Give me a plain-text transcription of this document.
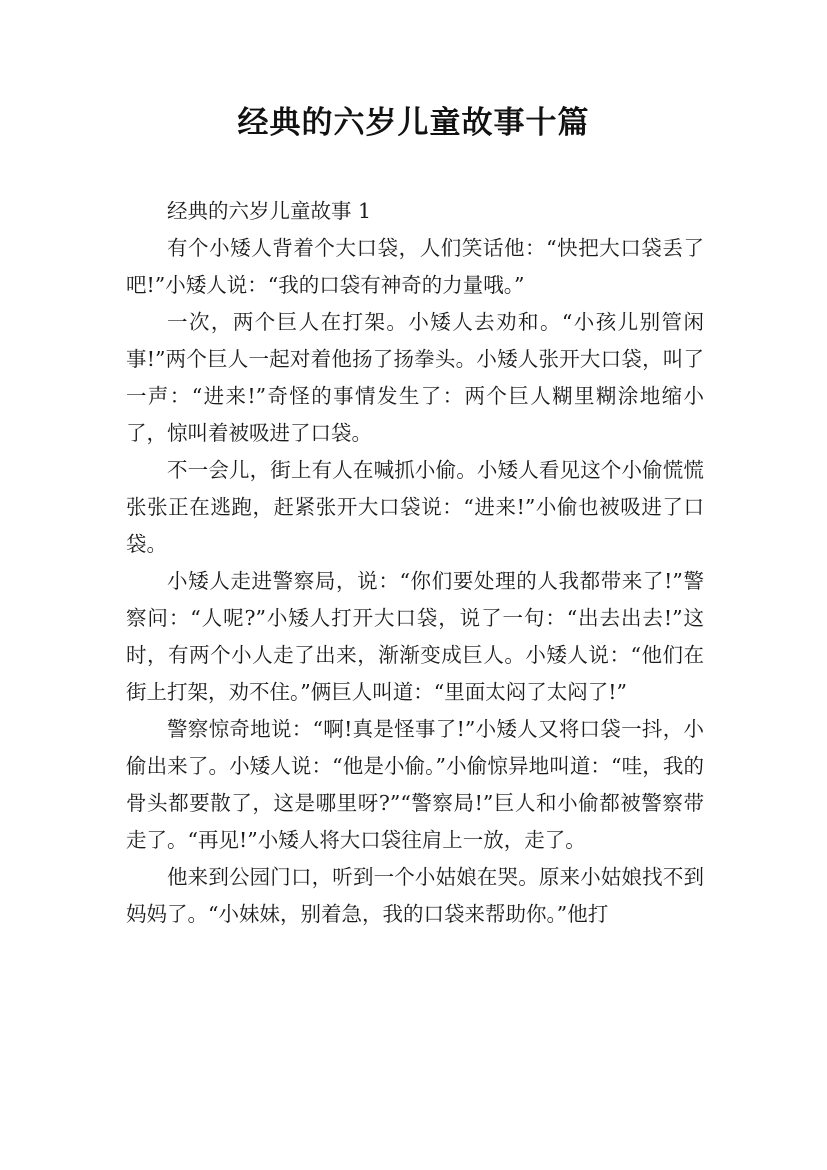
经典的六岁儿童故事十篇

经典的六岁儿童故事 1

有个小矮人背着个大口袋，人们笑话他：“快把大口袋丢了吧!”小矮人说：“我的口袋有神奇的力量哦。”

一次，两个巨人在打架。小矮人去劝和。“小孩儿别管闲事!”两个巨人一起对着他扬了扬拳头。小矮人张开大口袋，叫了一声：“进来!”奇怪的事情发生了：两个巨人糊里糊涂地缩小了，惊叫着被吸进了口袋。

不一会儿，街上有人在喊抓小偷。小矮人看见这个小偷慌慌张张正在逃跑，赶紧张开大口袋说：“进来!”小偷也被吸进了口袋。

小矮人走进警察局，说：“你们要处理的人我都带来了!”警察问：“人呢?”小矮人打开大口袋，说了一句：“出去出去!”这时，有两个小人走了出来，渐渐变成巨人。小矮人说：“他们在街上打架，劝不住。”俩巨人叫道：“里面太闷了太闷了!”

警察惊奇地说：“啊!真是怪事了!”小矮人又将口袋一抖，小偷出来了。小矮人说：“他是小偷。”小偷惊异地叫道：“哇，我的骨头都要散了，这是哪里呀?”“警察局!”巨人和小偷都被警察带走了。“再见!”小矮人将大口袋往肩上一放，走了。

他来到公园门口，听到一个小姑娘在哭。原来小姑娘找不到妈妈了。“小妹妹，别着急，我的口袋来帮助你。”他打
